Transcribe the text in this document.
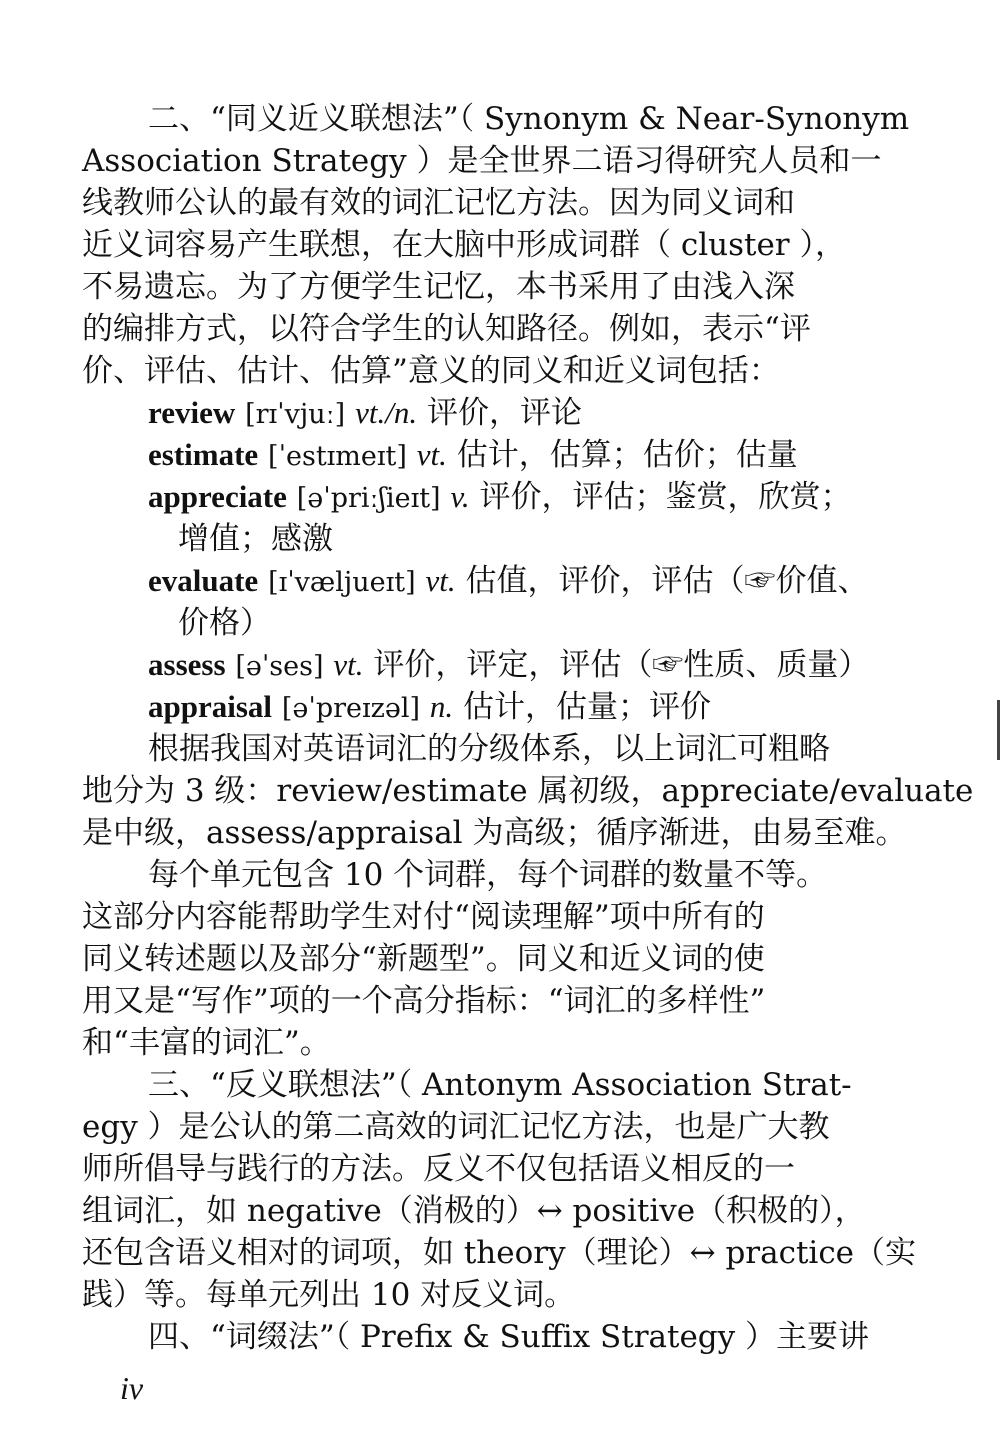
二、“同义近义联想法”（ Synonym & Near-Synonym
Association Strategy ）是全世界二语习得研究人员和一
线教师公认的最有效的词汇记忆方法。因为同义词和
近义词容易产生联想，在大脑中形成词群（ cluster ），
不易遗忘。为了方便学生记忆，本书采用了由浅入深
的编排方式，以符合学生的认知路径。例如，表示“评
价、评估、估计、估算”意义的同义和近义词包括：
review [rɪˈvjuː] vt./n. 评价，评论
estimate [ˈestɪmeɪt] vt. 估计，估算；估价；估量
appreciate [əˈpriːʃieɪt] v. 评价，评估；鉴赏，欣赏；
增值；感激
evaluate [ɪˈvæljueɪt] vt. 估值，评价，评估（☞价值、
价格）
assess [əˈses] vt. 评价，评定，评估（☞性质、质量）
appraisal [əˈpreɪzəl] n. 估计，估量；评价
根据我国对英语词汇的分级体系，以上词汇可粗略
地分为 3 级：review/estimate 属初级，appreciate/evaluate
是中级，assess/appraisal 为高级；循序渐进，由易至难。
每个单元包含 10 个词群，每个词群的数量不等。
这部分内容能帮助学生对付“阅读理解”项中所有的
同义转述题以及部分“新题型”。同义和近义词的使
用又是“写作”项的一个高分指标：“词汇的多样性”
和“丰富的词汇”。
三、“反义联想法”（ Antonym Association Strat-
egy ）是公认的第二高效的词汇记忆方法，也是广大教
师所倡导与践行的方法。反义不仅包括语义相反的一
组词汇，如 negative（消极的）↔ positive（积极的），
还包含语义相对的词项，如 theory（理论）↔ practice（实
践）等。每单元列出 10 对反义词。
四、“词缀法”（ Prefix & Suffix Strategy ）主要讲
iv
